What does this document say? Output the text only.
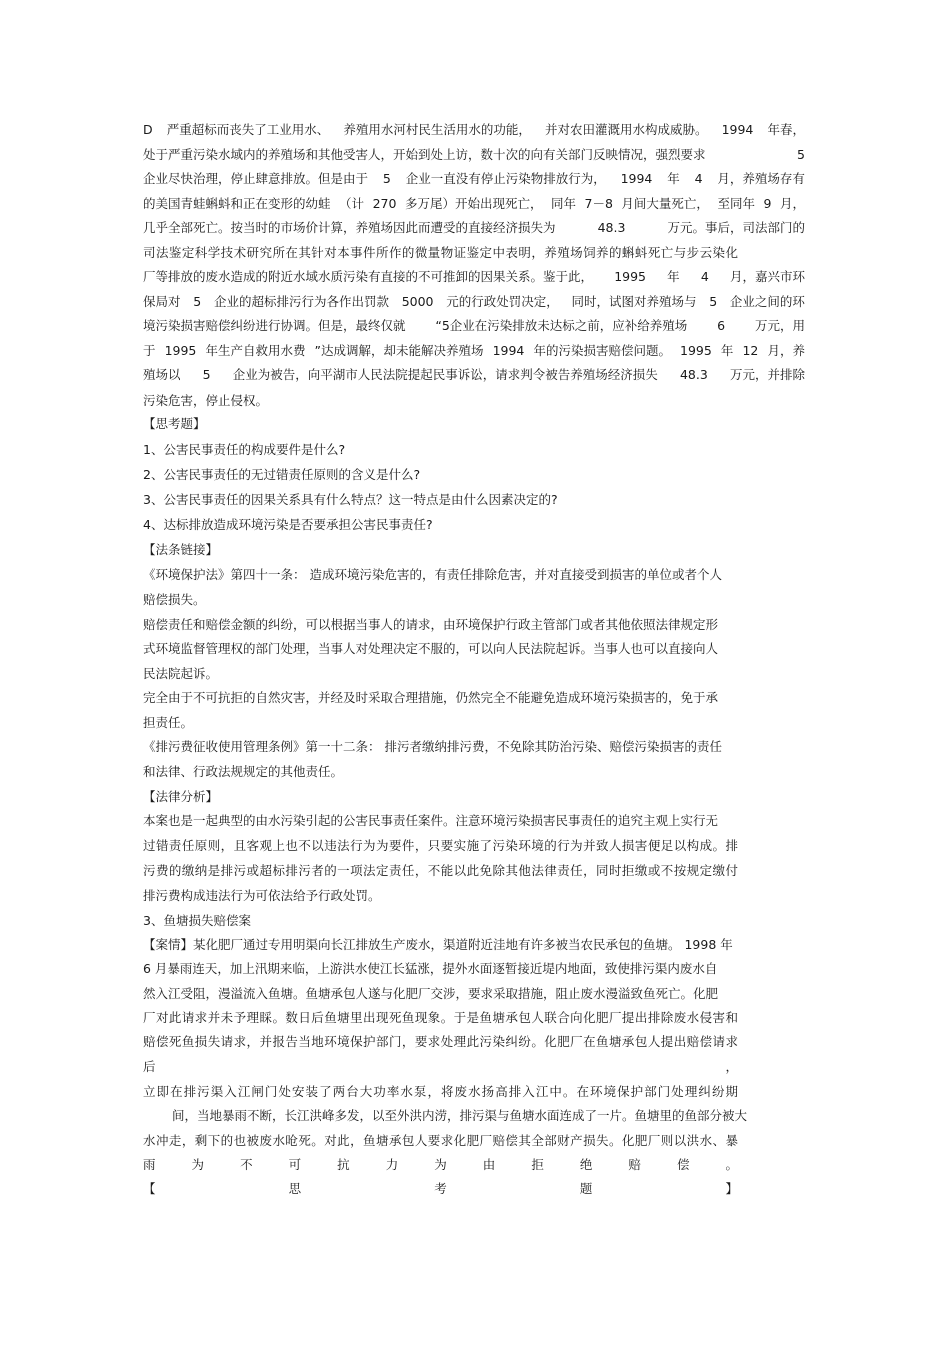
D 严重超标而丧失了工业用水、 养殖用水河村民生活用水的功能， 并对农田灌溉用水构成威胁。 1994 年春，
处于严重污染水域内的养殖场和其他受害人，开始到处上访，数十次的向有关部门反映情况，强烈要求	5
企业尽快治理，停止肆意排放。但是由于 5 企业一直没有停止污染物排放行为， 1994 年 4 月，养殖场存有
的美国青蛙蝌蚪和正在变形的幼蛙 （计 270 多万尾）开始出现死亡， 同年 7－8 月间大量死亡， 至同年 9 月，
几乎全部死亡。按当时的市场价计算，养殖场因此而遭受的直接经济损失为	48.3	万元。事后，司法部门的
司法鉴定科学技术研究所在其针对本事件所作的微量物证鉴定中表明，养殖场饲养的蝌蚪死亡与步云染化
厂等排放的废水造成的附近水域水质污染有直接的不可推卸的因果关系。鉴于此， 1995 年 4 月，嘉兴市环
保局对 5 企业的超标排污行为各作出罚款 5000 元的行政处罚决定， 同时，试图对养殖场与 5 企业之间的环
境污染损害赔偿纠纷进行协调。但是，最终仅就 “5企业在污染排放未达标之前，应补给养殖场 6 万元，用
于 1995 年生产自救用水费 ”达成调解，却未能解决养殖场 1994 年的污染损害赔偿问题。 1995 年 12 月，养
殖场以 5 企业为被告，向平湖市人民法院提起民事诉讼，请求判令被告养殖场经济损失 48.3 万元，并排除
污染危害，停止侵权。
【思考题】
1、公害民事责任的构成要件是什么?
2、公害民事责任的无过错责任原则的含义是什么?
3、公害民事责任的因果关系具有什么特点？这一特点是由什么因素决定的?
4、达标排放造成环境污染是否要承担公害民事责任?
【法条链接】
《环境保护法》第四十一条： 造成环境污染危害的，有责任排除危害，并对直接受到损害的单位或者个人
赔偿损失。
赔偿责任和赔偿金额的纠纷，可以根据当事人的请求，由环境保护行政主管部门或者其他依照法律规定形
式环境监督管理权的部门处理，当事人对处理决定不服的，可以向人民法院起诉。当事人也可以直接向人
民法院起诉。
完全由于不可抗拒的自然灾害，并经及时采取合理措施，仍然完全不能避免造成环境污染损害的，免于承
担责任。
《排污费征收使用管理条例》第一十二条： 排污者缴纳排污费，不免除其防治污染、赔偿污染损害的责任
和法律、行政法规规定的其他责任。
【法律分析】
本案也是一起典型的由水污染引起的公害民事责任案件。注意环境污染损害民事责任的追究主观上实行无
过错责任原则，且客观上也不以违法行为为要件，只要实施了污染环境的行为并致人损害便足以构成。排
污费的缴纳是排污或超标排污者的一项法定责任，不能以此免除其他法律责任，同时拒缴或不按规定缴付
排污费构成违法行为可依法给予行政处罚。
3、鱼塘损失赔偿案
【案情】某化肥厂通过专用明渠向长江排放生产废水，渠道附近洼地有许多被当农民承包的鱼塘。 1998 年
6 月暴雨连天，加上汛期来临，上游洪水使江长猛涨，提外水面逐暂接近堤内地面，致使排污渠内废水自
然入江受阻，漫溢流入鱼塘。鱼塘承包人遂与化肥厂交涉，要求采取措施，阻止废水漫溢致鱼死亡。化肥
厂对此请求并未予理睬。数日后鱼塘里出现死鱼现象。于是鱼塘承包人联合向化肥厂提出排除废水侵害和
赔偿死鱼损失请求，并报告当地环境保护部门，要求处理此污染纠纷。化肥厂在鱼塘承包人提出赔偿请求
后，
立即在排污渠入江闸门处安装了两台大功率水泵，将废水扬高排入江中。在环境保护部门处理纠纷期
间，当地暴雨不断，长江洪峰多发，以至外洪内涝，排污渠与鱼塘水面连成了一片。鱼塘里的鱼部分被大
水冲走，剩下的也被废水呛死。对此，鱼塘承包人要求化肥厂赔偿其全部财产损失。化肥厂则以洪水、暴
雨为不可抗力为由拒绝赔偿。
【思考题】
